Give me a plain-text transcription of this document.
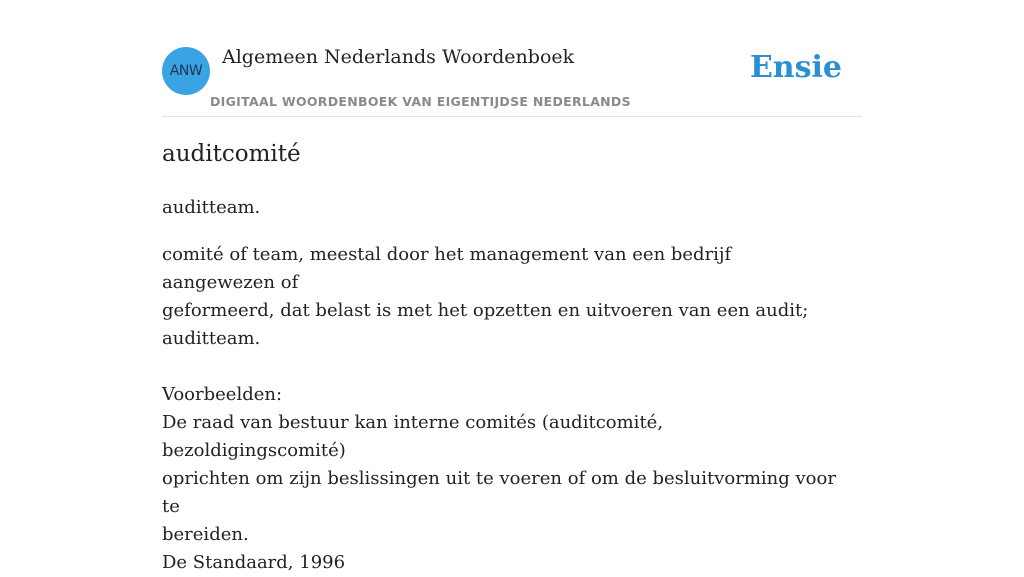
ANW
Algemeen Nederlands Woordenboek
DIGITAAL WOORDENBOEK VAN EIGENTIJDSE NEDERLANDS
Ensie
auditcomité

auditteam.

comité of team, meestal door het management van een bedrijf aangewezen of

geformeerd, dat belast is met het opzetten en uitvoeren van een audit;

auditteam.

Voorbeelden:

De raad van bestuur kan interne comités (auditcomité, bezoldigingscomité)

oprichten om zijn beslissingen uit te voeren of om de besluitvorming voor te

bereiden.

De Standaard, 1996
